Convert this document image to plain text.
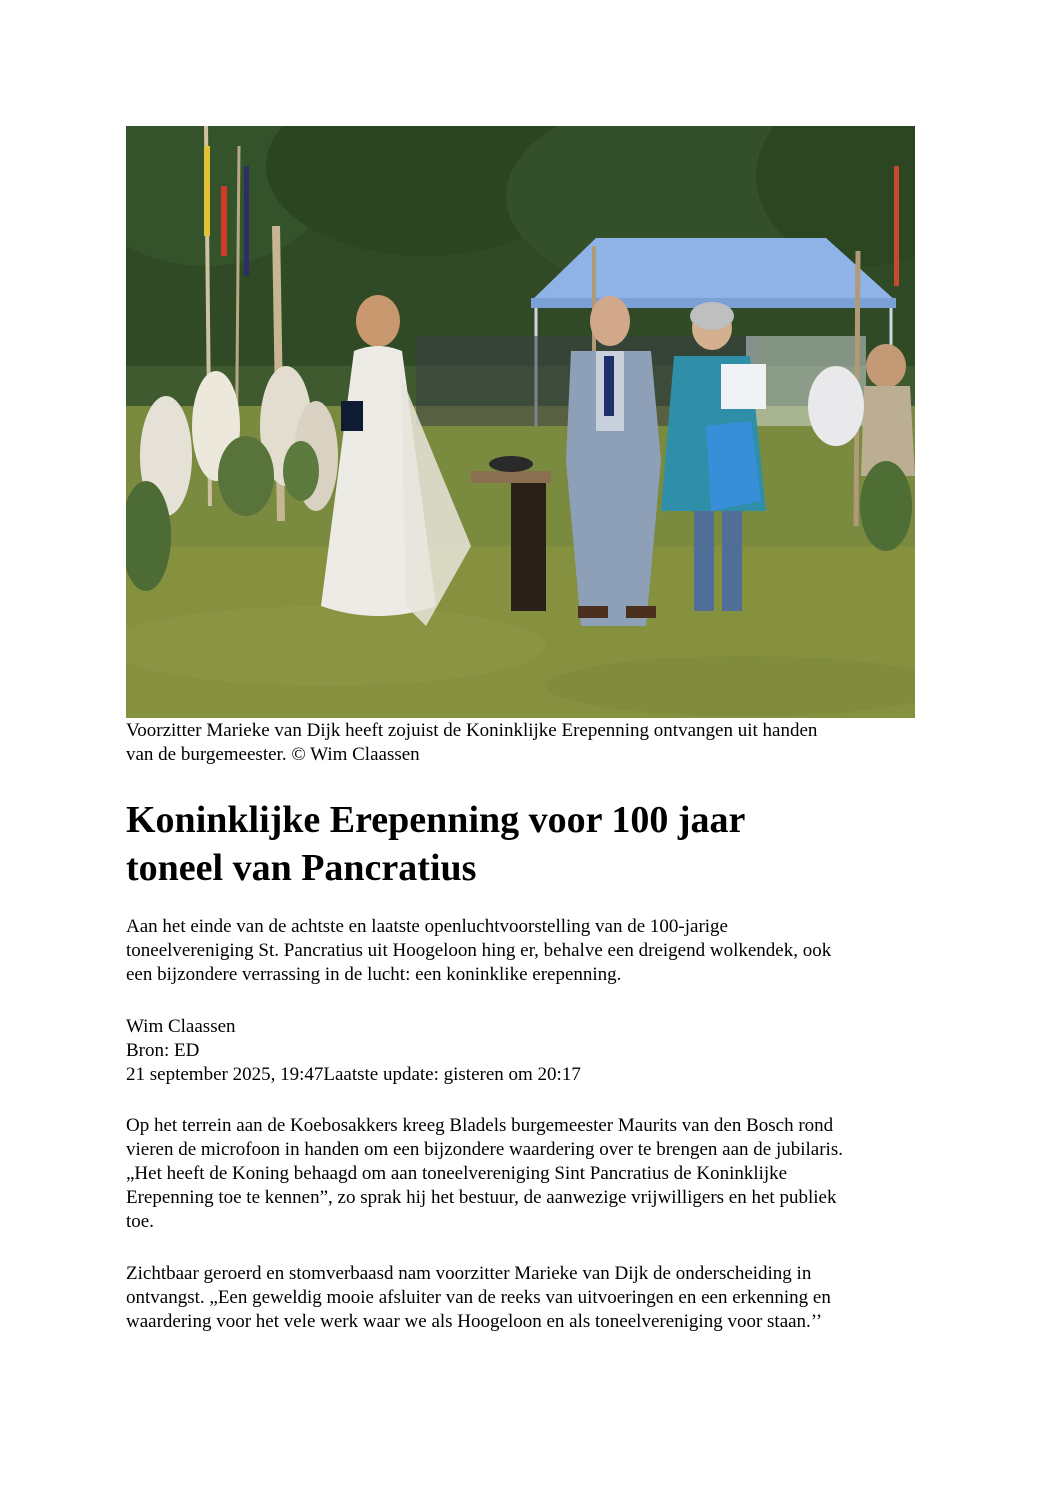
Voorzitter Marieke van Dijk heeft zojuist de Koninklijke Erepenning ontvangen uit handen
van de burgemeester. © Wim Claassen
Koninklijke Erepenning voor 100 jaar
toneel van Pancratius
Aan het einde van de achtste en laatste openluchtvoorstelling van de 100-jarige
toneelvereniging St. Pancratius uit Hoogeloon hing er, behalve een dreigend wolkendek, ook
een bijzondere verrassing in de lucht: een koninklike erepenning.
Wim Claassen
Bron: ED
21 september 2025, 19:47Laatste update: gisteren om 20:17
Op het terrein aan de Koebosakkers kreeg Bladels burgemeester Maurits van den Bosch rond
vieren de microfoon in handen om een bijzondere waardering over te brengen aan de jubilaris.
„Het heeft de Koning behaagd om aan toneelvereniging Sint Pancratius de Koninklijke
Erepenning toe te kennen”, zo sprak hij het bestuur, de aanwezige vrijwilligers en het publiek
toe.
Zichtbaar geroerd en stomverbaasd nam voorzitter Marieke van Dijk de onderscheiding in
ontvangst. „Een geweldig mooie afsluiter van de reeks van uitvoeringen en een erkenning en
waardering voor het vele werk waar we als Hoogeloon en als toneelvereniging voor staan.’’
